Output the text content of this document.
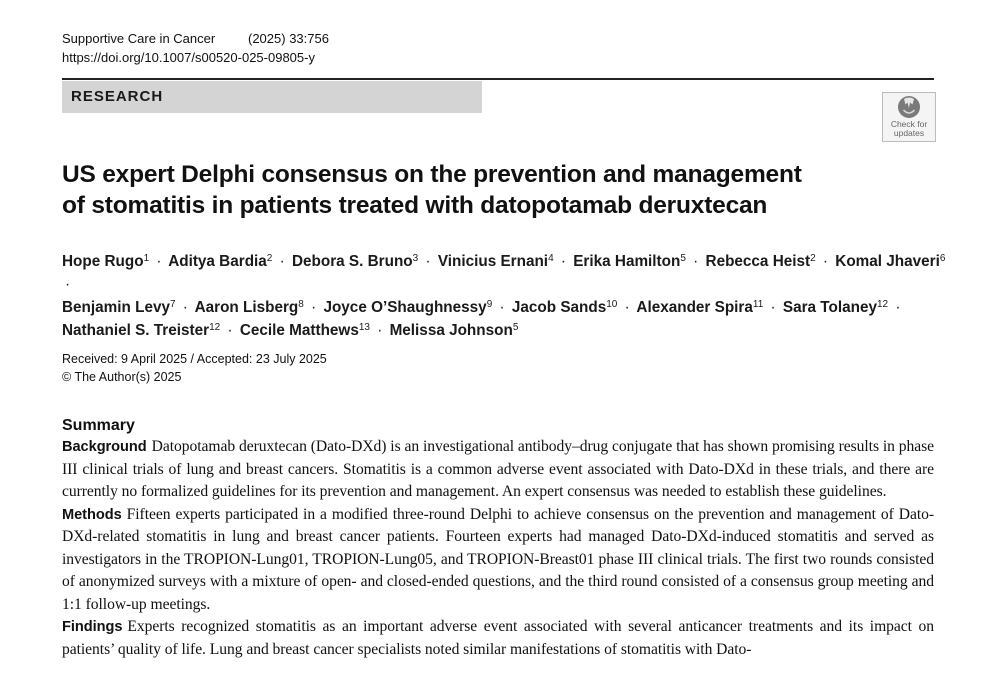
Supportive Care in Cancer	(2025) 33:756
https://doi.org/10.1007/s00520-025-09805-y
RESEARCH
Check for
updates
US expert Delphi consensus on the prevention and management
of stomatitis in patients treated with datopotamab deruxtecan
Hope Rugo$^1$ · Aditya Bardia$^2$ · Debora S. Bruno$^3$ · Vinicius Ernani$^4$ · Erika Hamilton$^5$ · Rebecca Heist$^2$ · Komal Jhaveri$^6$ ·
Benjamin Levy$^7$ · Aaron Lisberg$^8$ · Joyce O’Shaughnessy$^9$ · Jacob Sands$^{10}$ · Alexander Spira$^{11}$ · Sara Tolaney$^{12}$ ·
Nathaniel S. Treister$^{12}$ · Cecile Matthews$^{13}$ · Melissa Johnson$^5$
Received: 9 April 2025 / Accepted: 23 July 2025
© The Author(s) 2025
Summary
Background Datopotamab deruxtecan (Dato-DXd) is an investigational antibody–drug conjugate that has shown promising results in phase III clinical trials of lung and breast cancers. Stomatitis is a common adverse event associated with Dato-DXd in these trials, and there are currently no formalized guidelines for its prevention and management. An expert consensus was needed to establish these guidelines.
Methods Fifteen experts participated in a modified three-round Delphi to achieve consensus on the prevention and management of Dato-DXd-related stomatitis in lung and breast cancer patients. Fourteen experts had managed Dato-DXd-induced stomatitis and served as investigators in the TROPION-Lung01, TROPION-Lung05, and TROPION-Breast01 phase III clinical trials. The first two rounds consisted of anonymized surveys with a mixture of open- and closed-ended questions, and the third round consisted of a consensus group meeting and 1:1 follow-up meetings.
Findings Experts recognized stomatitis as an important adverse event associated with several anticancer treatments and its impact on patients’ quality of life. Lung and breast cancer specialists noted similar manifestations of stomatitis with Dato-
